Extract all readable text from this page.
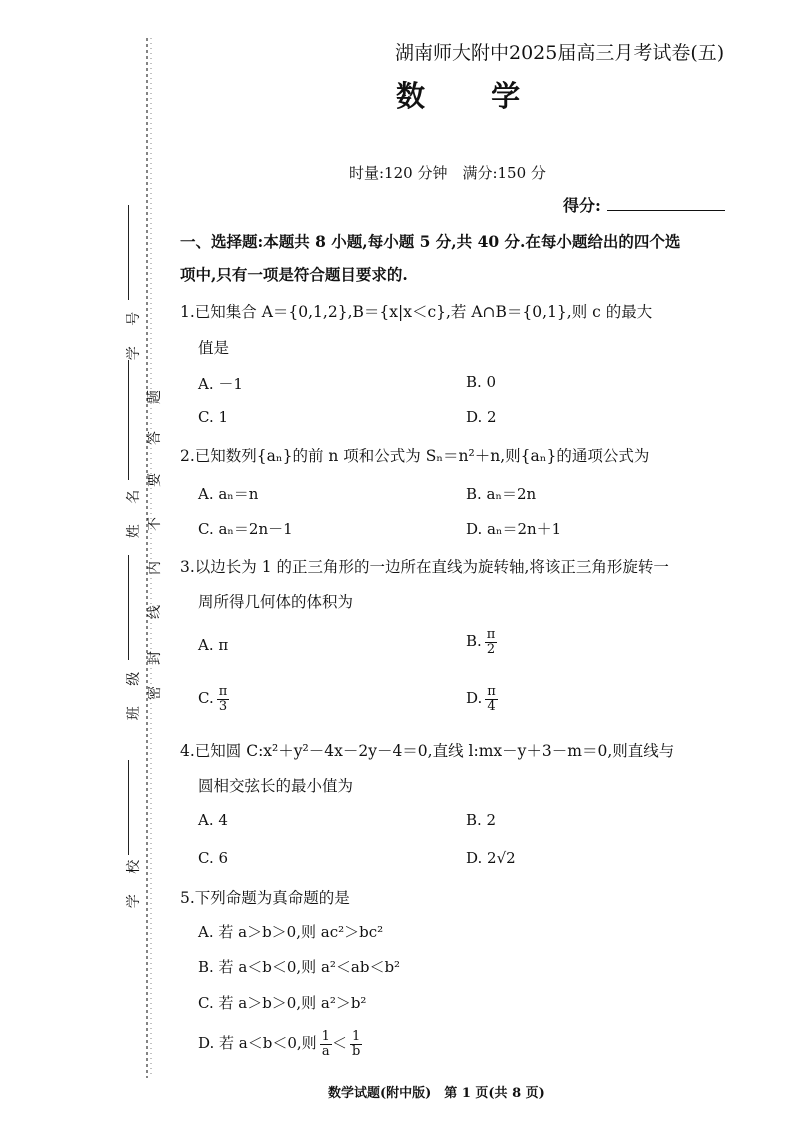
湖南师大附中2025届高三月考试卷(五)
数 学
时量:120 分钟　满分:150 分
得分:
密
封
线
内
不
要
答
题
学 号
姓 名
班 级
学 校
一、选择题:本题共 8 小题,每小题 5 分,共 40 分.在每小题给出的四个选
项中,只有一项是符合题目要求的.
1.已知集合 A＝{0,1,2},B＝{x|x＜c},若 A∩B＝{0,1},则 c 的最大
值是
A. －1	B. 0
C. 1	D. 2
2.已知数列{aₙ}的前 n 项和公式为 Sₙ＝n²＋n,则{aₙ}的通项公式为
A. aₙ＝n	B. aₙ＝2n
C. aₙ＝2n－1	D. aₙ＝2n＋1
3.以边长为 1 的正三角形的一边所在直线为旋转轴,将该正三角形旋转一
周所得几何体的体积为
A. π	B. $\frac{\pi}{2}$
C. $\frac{\pi}{3}$	D. $\frac{\pi}{4}$
4.已知圆 C:x²＋y²－4x－2y－4＝0,直线 l:mx－y＋3－m＝0,则直线与
圆相交弦长的最小值为
A. 4	B. 2
C. 6	D. 2√2
5.下列命题为真命题的是
A. 若 a＞b＞0,则 ac²＞bc²
B. 若 a＜b＜0,则 a²＜ab＜b²
C. 若 a＞b＞0,则 a²＞b²
D. 若 a＜b＜0,则 $\frac{1}{a} < \frac{1}{b}$
数学试题(附中版)　第 1 页(共 8 页)
